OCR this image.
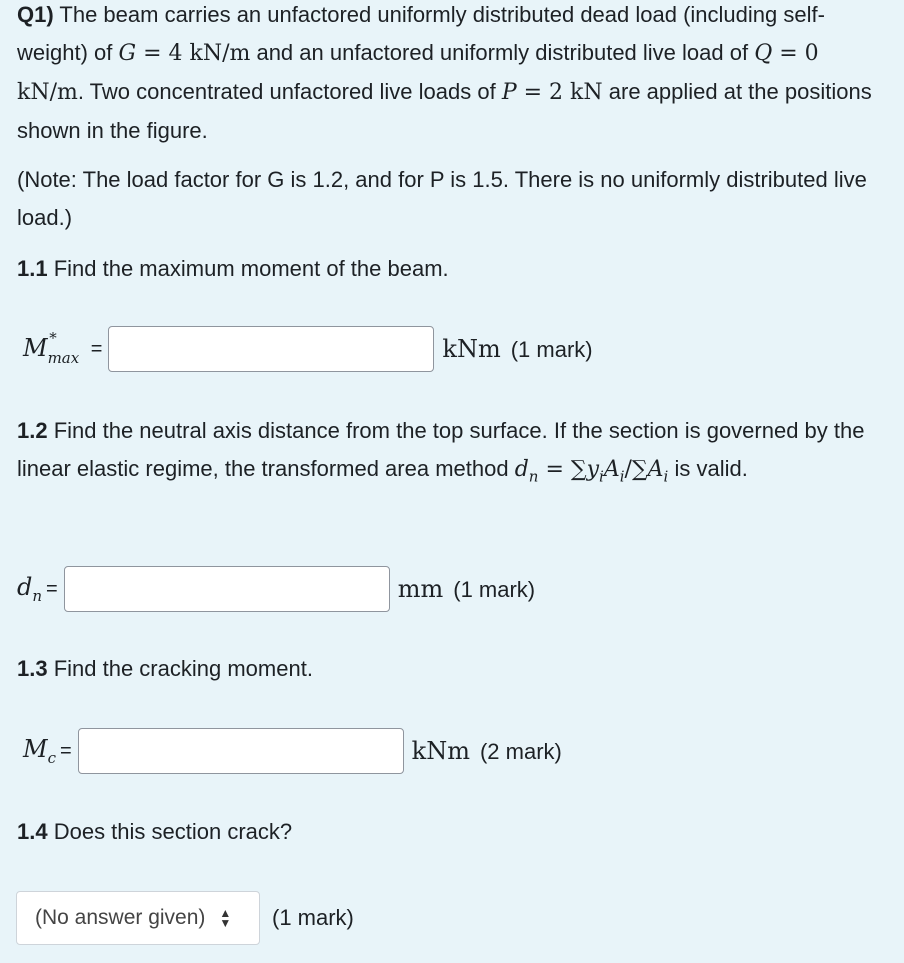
Q1) The beam carries an unfactored uniformly distributed dead load (including self-weight) of G = 4 kN/m and an unfactored uniformly distributed live load of Q = 0 kN/m. Two concentrated unfactored live loads of P = 2 kN are applied at the positions shown in the figure.

(Note: The load factor for G is 1.2, and for P is 1.5. There is no uniformly distributed live load.)

1.1 Find the maximum moment of the beam.

$M_{max}^*$	=	kNm (1 mark)

1.2 Find the neutral axis distance from the top surface. If the section is governed by the linear elastic regime, the transformed area method $d_n = \sum y_iA_i/\sum A_i$ is valid.

$d_n$ =	mm (1 mark)

1.3 Find the cracking moment.

$M_c$ =	kNm (2 mark)

1.4 Does this section crack?

(No answer given) ▲
▼ (1 mark)
